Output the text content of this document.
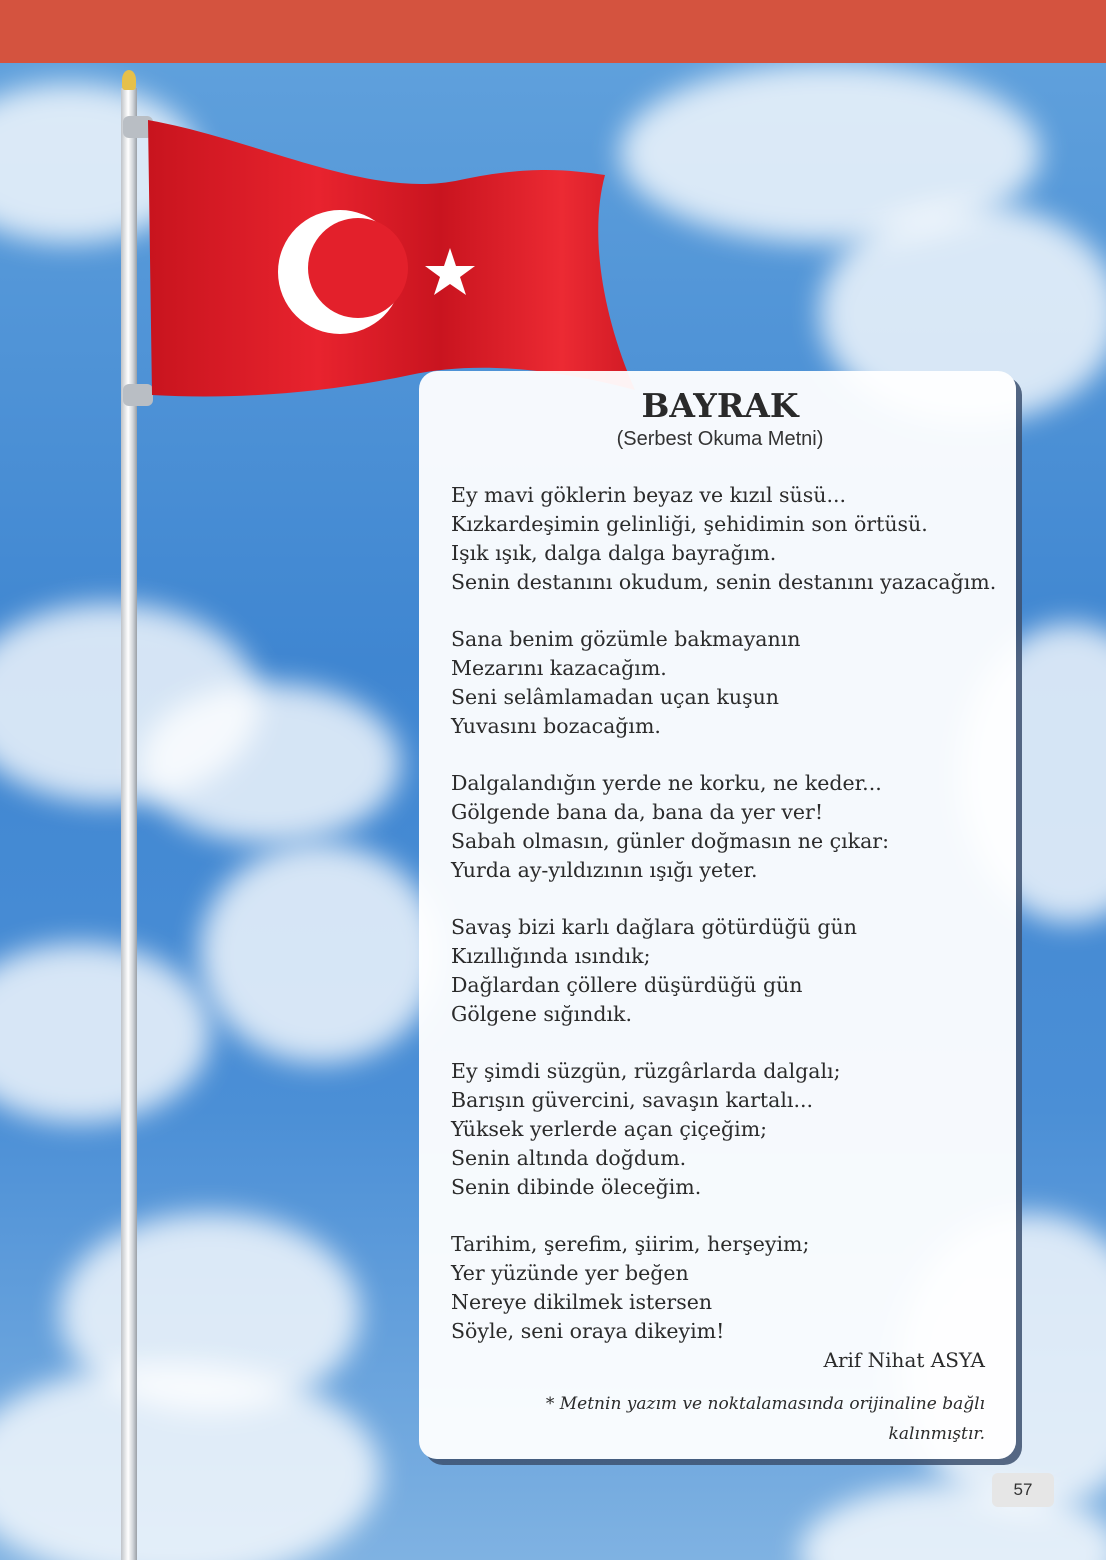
BAYRAK
(Serbest Okuma Metni)
Ey mavi göklerin beyaz ve kızıl süsü...
Kızkardeşimin gelinliği, şehidimin son örtüsü.
Işık ışık, dalga dalga bayrağım.
Senin destanını okudum, senin destanını yazacağım.
Sana benim gözümle bakmayanın
Mezarını kazacağım.
Seni selâmlamadan uçan kuşun
Yuvasını bozacağım.
Dalgalandığın yerde ne korku, ne keder...
Gölgende bana da, bana da yer ver!
Sabah olmasın, günler doğmasın ne çıkar:
Yurda ay-yıldızının ışığı yeter.
Savaş bizi karlı dağlara götürdüğü gün
Kızıllığında ısındık;
Dağlardan çöllere düşürdüğü gün
Gölgene sığındık.
Ey şimdi süzgün, rüzgârlarda dalgalı;
Barışın güvercini, savaşın kartalı...
Yüksek yerlerde açan çiçeğim;
Senin altında doğdum.
Senin dibinde öleceğim.
Tarihim, şerefim, şiirim, herşeyim;
Yer yüzünde yer beğen
Nereye dikilmek istersen
Söyle, seni oraya dikeyim!
Arif Nihat ASYA
* Metnin yazım ve noktalamasında orijinaline bağlı
kalınmıştır.
57
